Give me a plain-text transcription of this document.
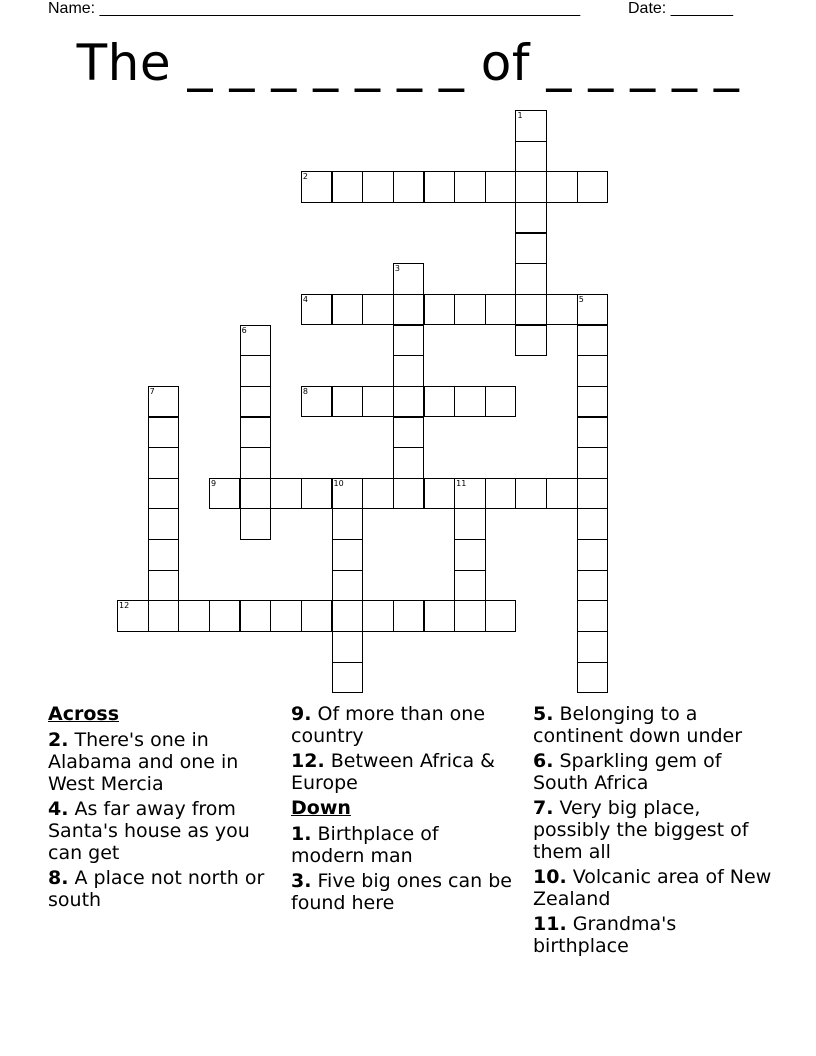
Name: ______________________________________________________	Date: _______
The _ _ _ _ _ _ _ of _ _ _ _ _
1
2
3
4	5
6
7	8
9	10	11
12
Across
2. There's one in Alabama and one in West Mercia
4. As far away from Santa's house as you can get
8. A place not north or south
9. Of more than one country
12. Between Africa & Europe
Down
1. Birthplace of modern man
3. Five big ones can be found here
5. Belonging to a continent down under
6. Sparkling gem of South Africa
7. Very big place, possibly the biggest of them all
10. Volcanic area of New Zealand
11. Grandma's birthplace
